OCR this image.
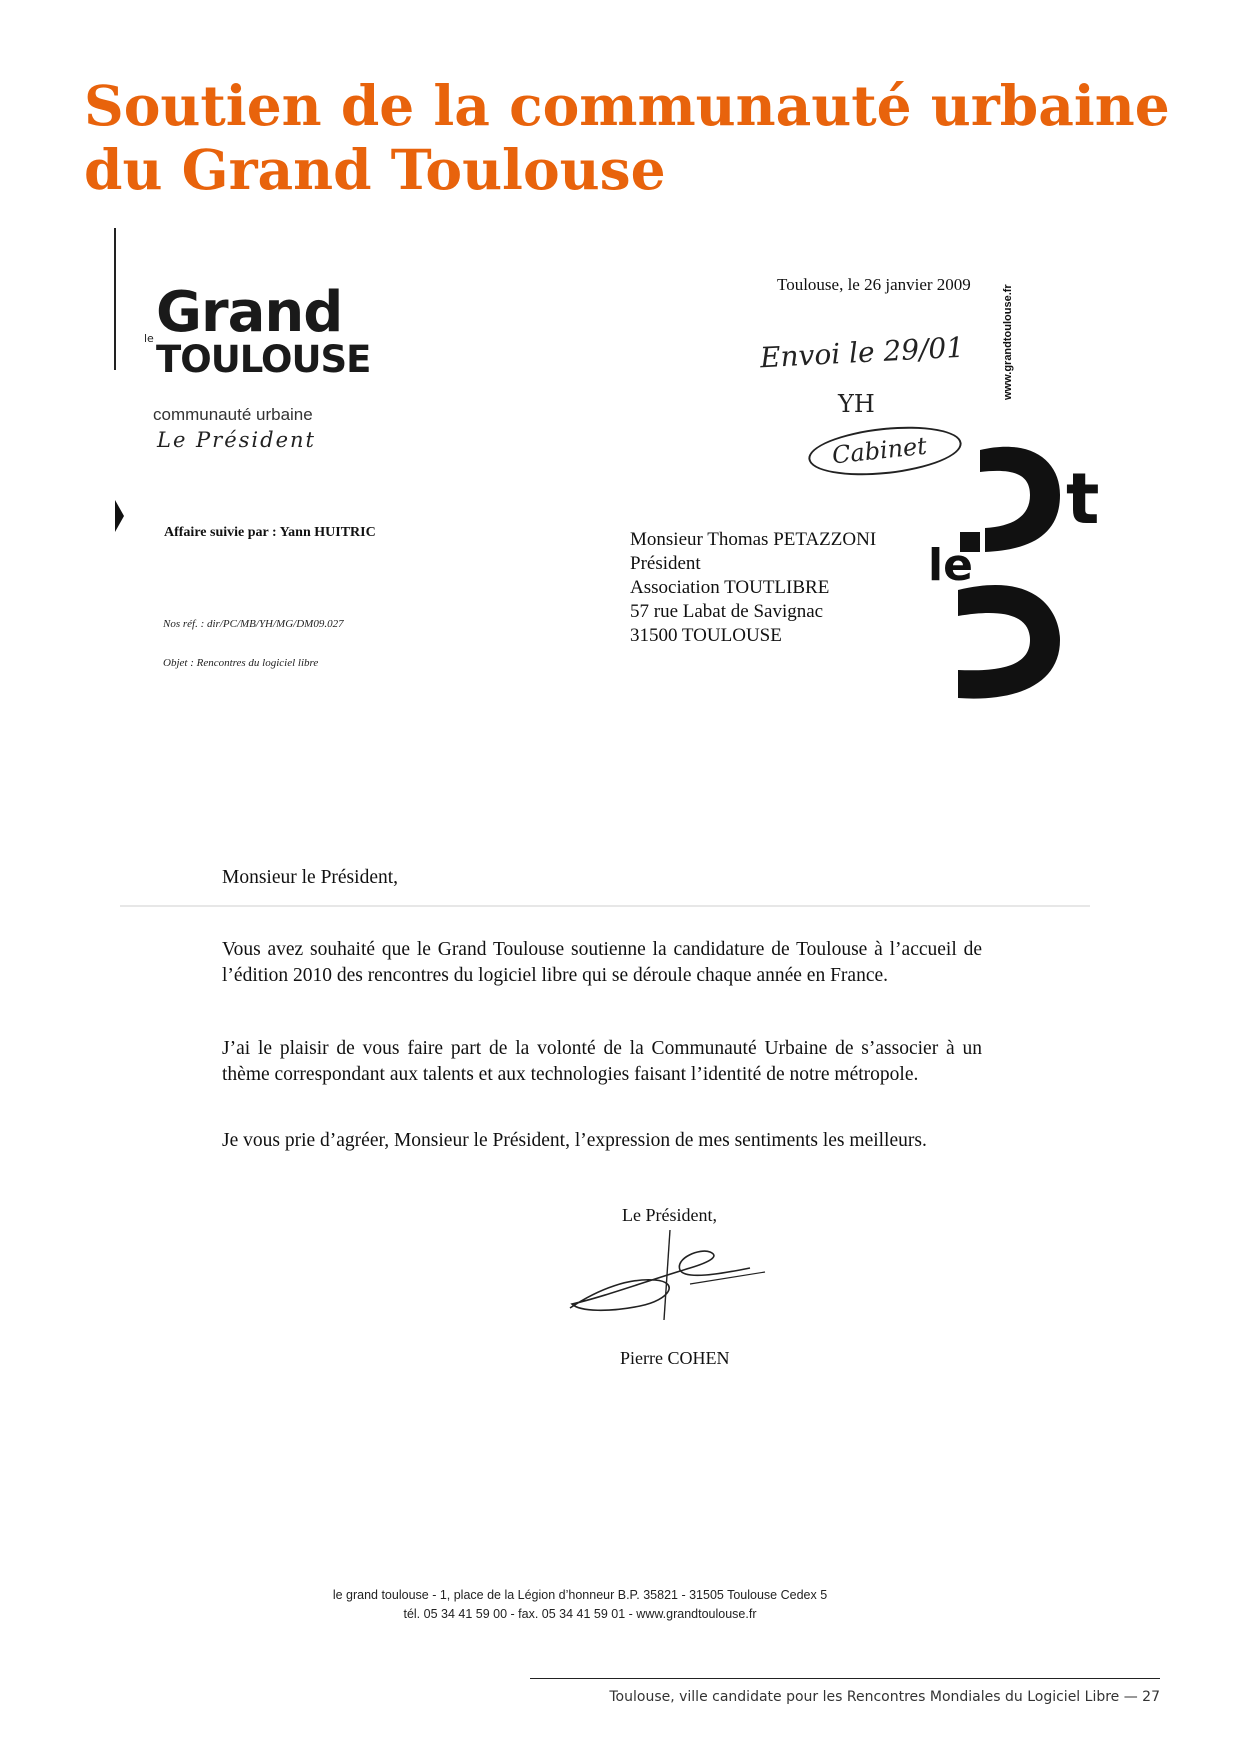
Soutien de la communauté urbaine du Grand Toulouse
Grand
le TOULOUSE
communauté urbaine
Le Président
Affaire suivie par : Yann HUITRIC
Nos réf. : dir/PC/MB/YH/MG/DM09.027
Objet : Rencontres du logiciel libre
Toulouse, le 26 janvier 2009
Envoi le 29/01
YH
Cabinet
www.grandtoulouse.fr
le
t
Monsieur Thomas PETAZZONI
Président
Association TOUTLIBRE
57 rue Labat de Savignac
31500 TOULOUSE
Monsieur le Président,
Vous avez souhaité que le Grand Toulouse soutienne la candidature de Toulouse à l’accueil de l’édition 2010 des rencontres du logiciel libre qui se déroule chaque année en France.
J’ai le plaisir de vous faire part de la volonté de la Communauté Urbaine de s’associer à un thème correspondant aux talents et aux technologies faisant l’identité de notre métropole.
Je vous prie d’agréer, Monsieur le Président, l’expression de mes sentiments les meilleurs.
Le Président,
Pierre COHEN
le grand toulouse - 1, place de la Légion d’honneur B.P. 35821 - 31505 Toulouse Cedex 5
tél. 05 34 41 59 00 - fax. 05 34 41 59 01 - www.grandtoulouse.fr
Toulouse, ville candidate pour les Rencontres Mondiales du Logiciel Libre — 27
